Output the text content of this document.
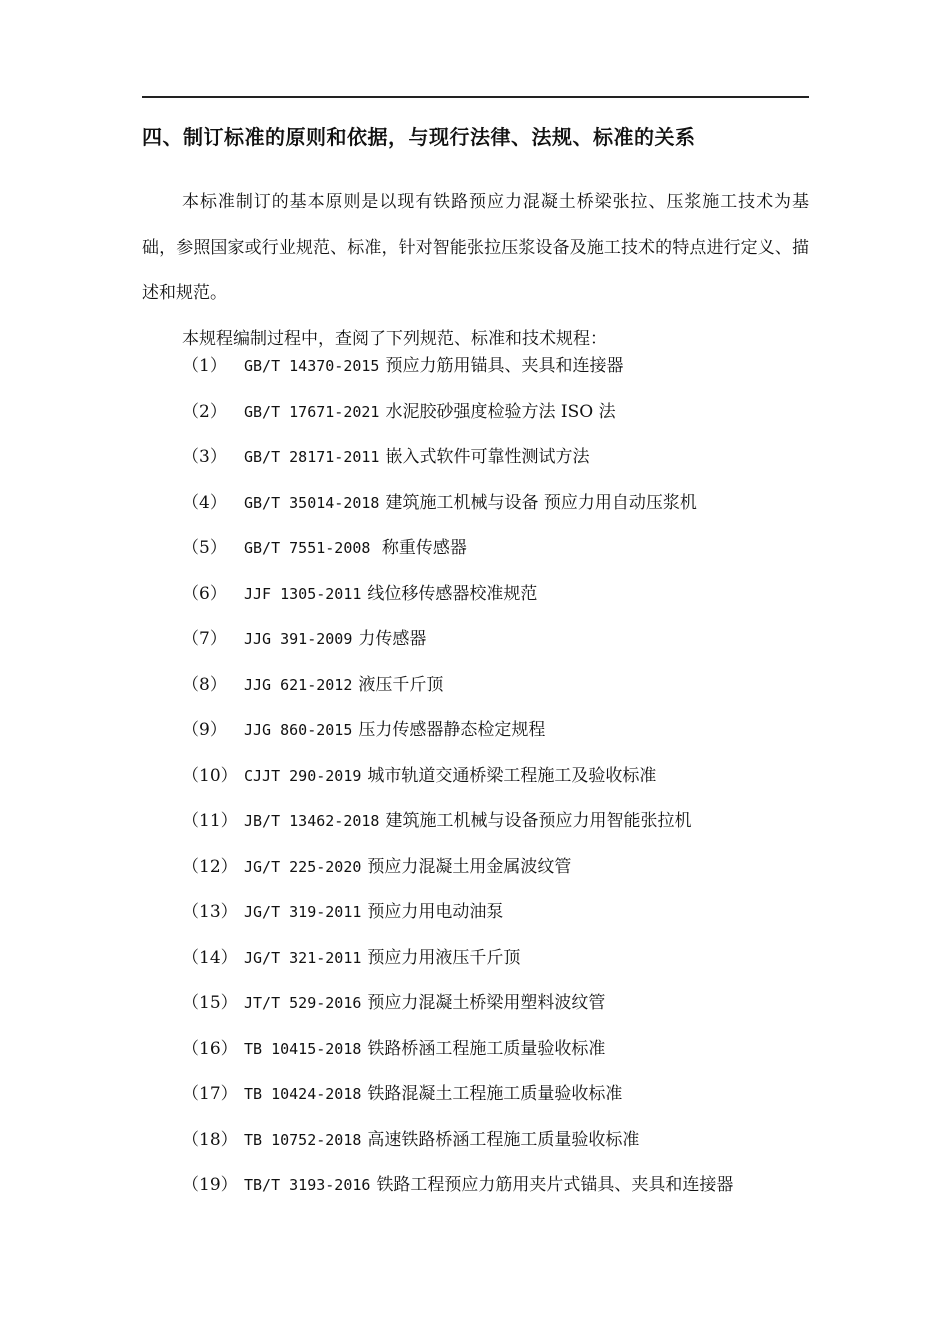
四、制订标准的原则和依据，与现行法律、法规、标准的关系

本标准制订的基本原则是以现有铁路预应力混凝土桥梁张拉、压浆施工技术为基础，参照国家或行业规范、标准，针对智能张拉压浆设备及施工技术的特点进行定义、描述和规范。

本规程编制过程中，查阅了下列规范、标准和技术规程：

（1） GB/T 14370-2015 预应力筋用锚具、夹具和连接器
（2） GB/T 17671-2021 水泥胶砂强度检验方法 ISO 法
（3） GB/T 28171-2011 嵌入式软件可靠性测试方法
（4） GB/T 35014-2018 建筑施工机械与设备 预应力用自动压浆机
（5） GB/T 7551-2008 称重传感器
（6） JJF 1305-2011 线位移传感器校准规范
（7） JJG 391-2009 力传感器
（8） JJG 621-2012 液压千斤顶
（9） JJG 860-2015 压力传感器静态检定规程
（10） CJJT 290-2019 城市轨道交通桥梁工程施工及验收标准
（11） JB/T 13462-2018 建筑施工机械与设备预应力用智能张拉机
（12） JG/T 225-2020 预应力混凝土用金属波纹管
（13） JG/T 319-2011 预应力用电动油泵
（14） JG/T 321-2011 预应力用液压千斤顶
（15） JT/T 529-2016 预应力混凝土桥梁用塑料波纹管
（16） TB 10415-2018 铁路桥涵工程施工质量验收标准
（17） TB 10424-2018 铁路混凝土工程施工质量验收标准
（18） TB 10752-2018 高速铁路桥涵工程施工质量验收标准
（19） TB/T 3193-2016 铁路工程预应力筋用夹片式锚具、夹具和连接器
